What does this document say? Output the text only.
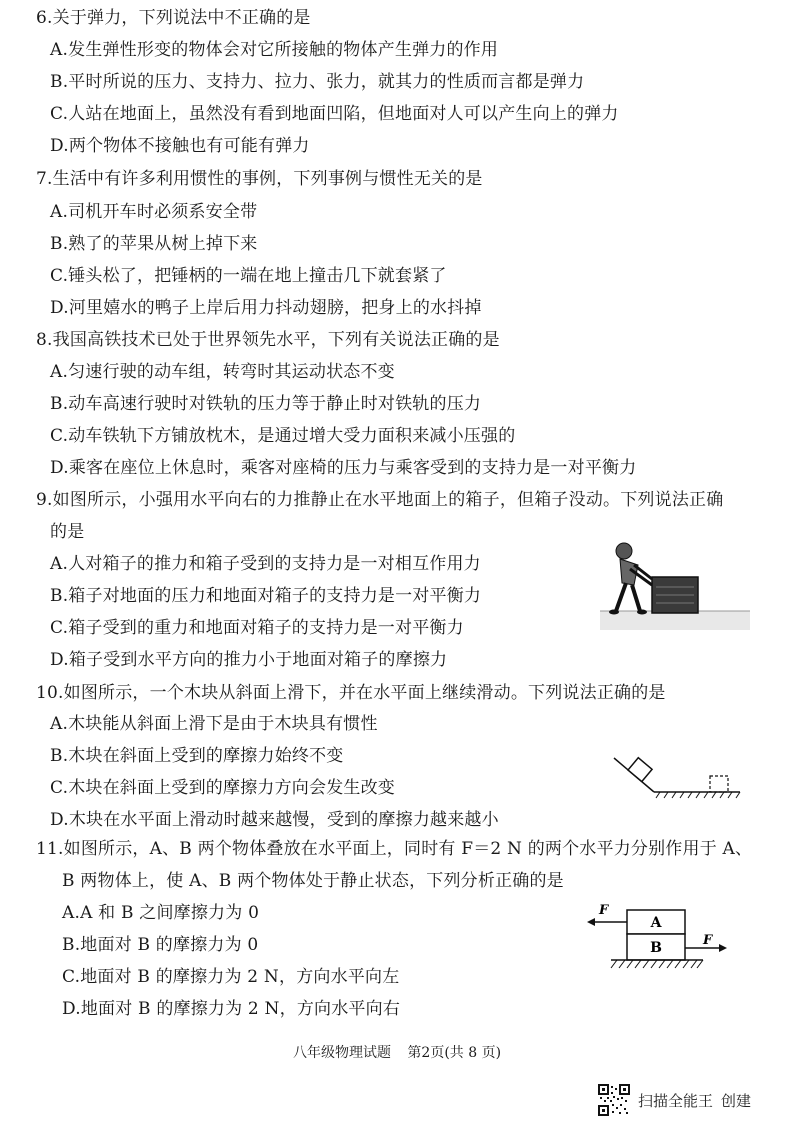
6.关于弹力，下列说法中不正确的是
A.发生弹性形变的物体会对它所接触的物体产生弹力的作用
B.平时所说的压力、支持力、拉力、张力，就其力的性质而言都是弹力
C.人站在地面上，虽然没有看到地面凹陷，但地面对人可以产生向上的弹力
D.两个物体不接触也有可能有弹力
7.生活中有许多利用惯性的事例，下列事例与惯性无关的是
A.司机开车时必须系安全带
B.熟了的苹果从树上掉下来
C.锤头松了，把锤柄的一端在地上撞击几下就套紧了
D.河里嬉水的鸭子上岸后用力抖动翅膀，把身上的水抖掉
8.我国高铁技术已处于世界领先水平，下列有关说法正确的是
A.匀速行驶的动车组，转弯时其运动状态不变
B.动车高速行驶时对铁轨的压力等于静止时对铁轨的压力
C.动车铁轨下方铺放枕木，是通过增大受力面积来减小压强的
D.乘客在座位上休息时，乘客对座椅的压力与乘客受到的支持力是一对平衡力
9.如图所示，小强用水平向右的力推静止在水平地面上的箱子，但箱子没动。下列说法正确
的是
A.人对箱子的推力和箱子受到的支持力是一对相互作用力
B.箱子对地面的压力和地面对箱子的支持力是一对平衡力
C.箱子受到的重力和地面对箱子的支持力是一对平衡力
D.箱子受到水平方向的推力小于地面对箱子的摩擦力
10.如图所示，一个木块从斜面上滑下，并在水平面上继续滑动。下列说法正确的是
A.木块能从斜面上滑下是由于木块具有惯性
B.木块在斜面上受到的摩擦力始终不变
C.木块在斜面上受到的摩擦力方向会发生改变
D.木块在水平面上滑动时越来越慢，受到的摩擦力越来越小
11.如图所示，A、B 两个物体叠放在水平面上，同时有 F＝2 N 的两个水平力分别作用于 A、
B 两物体上，使 A、B 两个物体处于静止状态，下列分析正确的是
A.A 和 B 之间摩擦力为 0
B.地面对 B 的摩擦力为 0
C.地面对 B 的摩擦力为 2 N，方向水平向左
D.地面对 B 的摩擦力为 2 N，方向水平向右
A
B
F
F
八年级物理试题 第2页(共 8 页)
扫描全能王 创建
